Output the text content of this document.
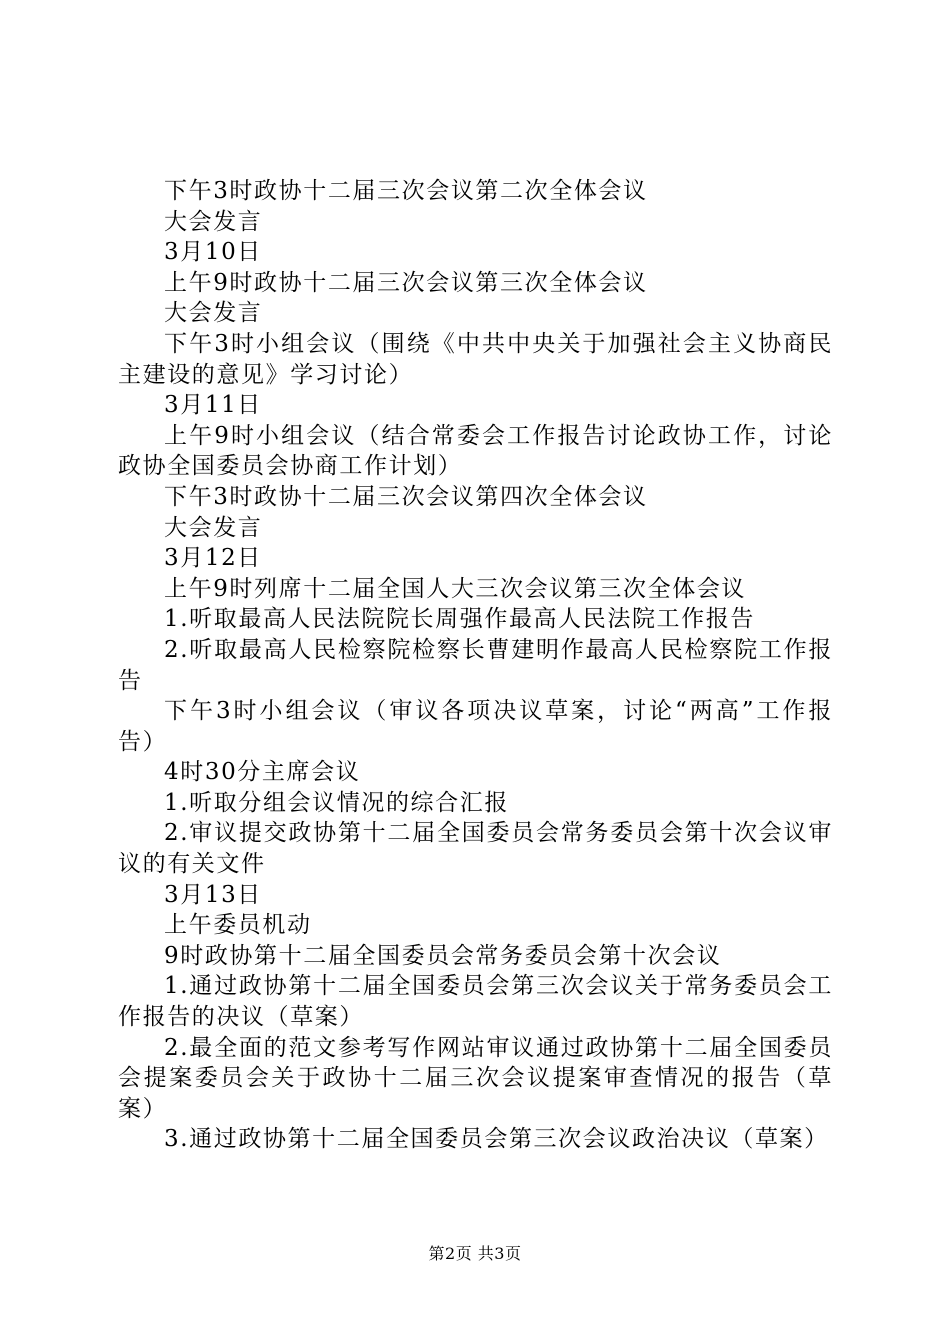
下午3时政协十二届三次会议第二次全体会议

大会发言

3月10日

上午9时政协十二届三次会议第三次全体会议

大会发言

下午3时小组会议（围绕《中共中央关于加强社会主义协商民主建设的意见》学习讨论）

3月11日

上午9时小组会议（结合常委会工作报告讨论政协工作，讨论政协全国委员会协商工作计划）

下午3时政协十二届三次会议第四次全体会议

大会发言

3月12日

上午9时列席十二届全国人大三次会议第三次全体会议

1.听取最高人民法院院长周强作最高人民法院工作报告

2.听取最高人民检察院检察长曹建明作最高人民检察院工作报告

下午3时小组会议（审议各项决议草案，讨论“两高”工作报告）

4时30分主席会议

1.听取分组会议情况的综合汇报

2.审议提交政协第十二届全国委员会常务委员会第十次会议审议的有关文件

3月13日

上午委员机动

9时政协第十二届全国委员会常务委员会第十次会议

1.通过政协第十二届全国委员会第三次会议关于常务委员会工作报告的决议（草案）

2.最全面的范文参考写作网站审议通过政协第十二届全国委员会提案委员会关于政协十二届三次会议提案审查情况的报告（草案）

3.通过政协第十二届全国委员会第三次会议政治决议（草案）

第2页 共3页
